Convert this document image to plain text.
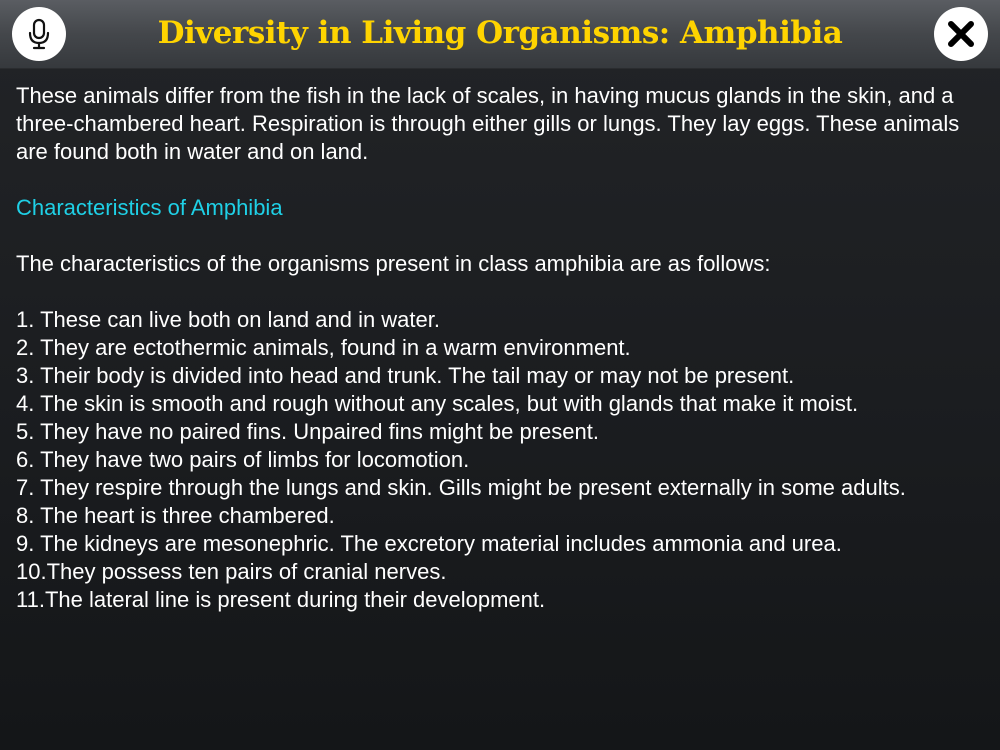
Diversity in Living Organisms: Amphibia

These animals differ from the fish in the lack of scales, in having mucus glands in the skin, and a three-chambered heart. Respiration is through either gills or lungs. They lay eggs. These animals are found both in water and on land.

Characteristics of Amphibia

The characteristics of the organisms present in class amphibia are as follows:

1. These can live both on land and in water.
2. They are ectothermic animals, found in a warm environment.
3. Their body is divided into head and trunk. The tail may or may not be present.
4. The skin is smooth and rough without any scales, but with glands that make it moist.
5. They have no paired fins. Unpaired fins might be present.
6. They have two pairs of limbs for locomotion.
7. They respire through the lungs and skin. Gills might be present externally in some adults.
8. The heart is three chambered.
9. The kidneys are mesonephric. The excretory material includes ammonia and urea.
10.They possess ten pairs of cranial nerves.
11.The lateral line is present during their development.
